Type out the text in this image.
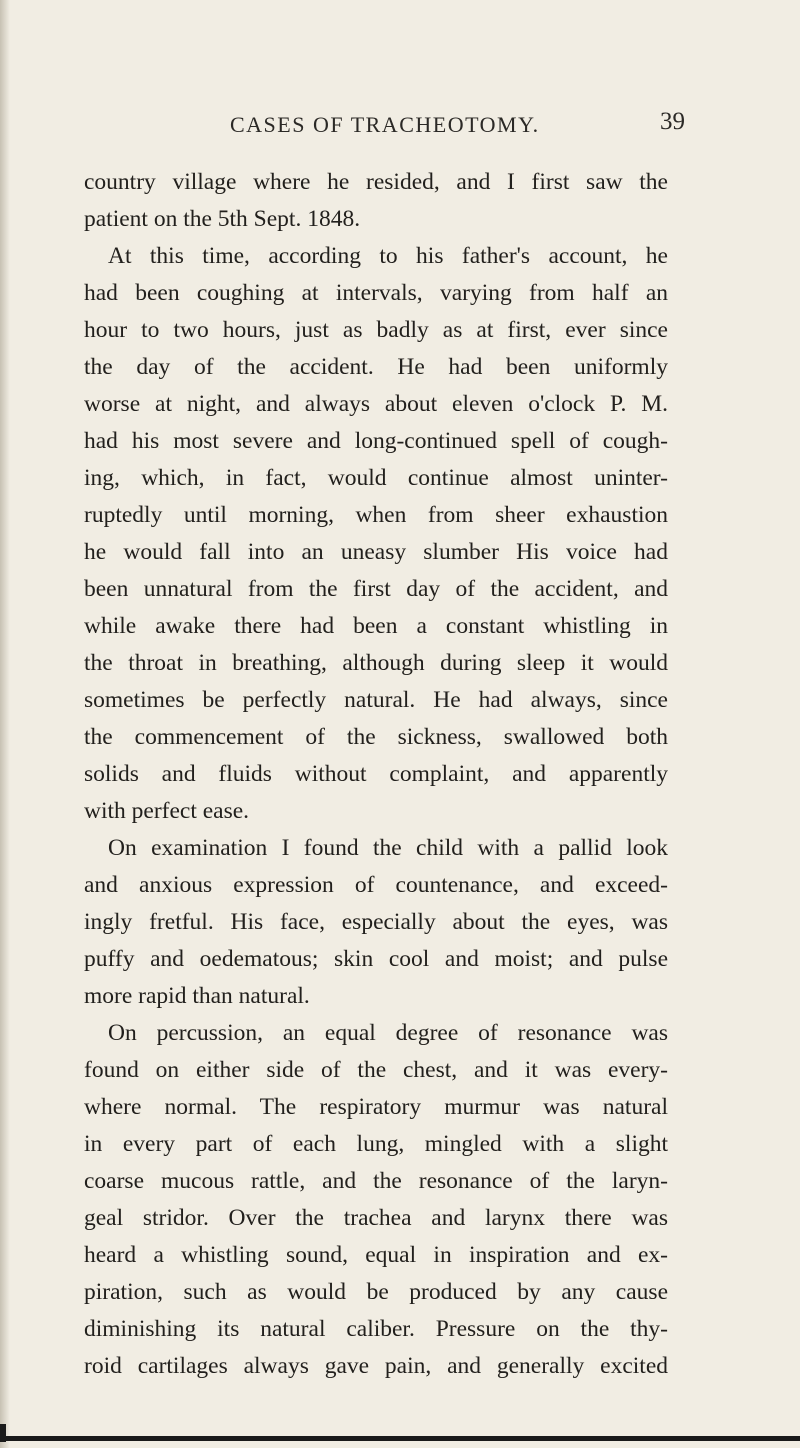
CASES OF TRACHEOTOMY.	39
country village where he resided, and I first saw the
patient on the 5th Sept. 1848.
At this time, according to his father's account, he
had been coughing at intervals, varying from half an
hour to two hours, just as badly as at first, ever since
the day of the accident. He had been uniformly
worse at night, and always about eleven o'clock P. M.
had his most severe and long-continued spell of cough-
ing, which, in fact, would continue almost uninter-
ruptedly until morning, when from sheer exhaustion
he would fall into an uneasy slumber His voice had
been unnatural from the first day of the accident, and
while awake there had been a constant whistling in
the throat in breathing, although during sleep it would
sometimes be perfectly natural. He had always, since
the commencement of the sickness, swallowed both
solids and fluids without complaint, and apparently
with perfect ease.
On examination I found the child with a pallid look
and anxious expression of countenance, and exceed-
ingly fretful. His face, especially about the eyes, was
puffy and oedematous; skin cool and moist; and pulse
more rapid than natural.
On percussion, an equal degree of resonance was
found on either side of the chest, and it was every-
where normal. The respiratory murmur was natural
in every part of each lung, mingled with a slight
coarse mucous rattle, and the resonance of the laryn-
geal stridor. Over the trachea and larynx there was
heard a whistling sound, equal in inspiration and ex-
piration, such as would be produced by any cause
diminishing its natural caliber. Pressure on the thy-
roid cartilages always gave pain, and generally excited
